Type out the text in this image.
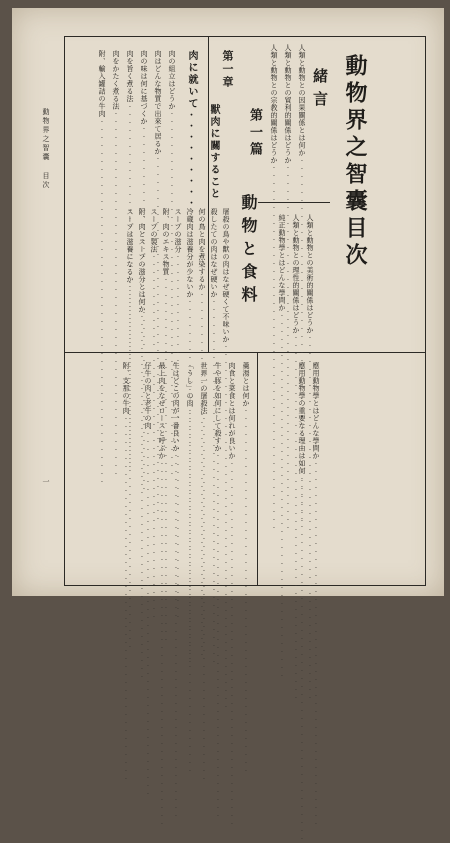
動物界之智囊 目次
一
動物界之智囊目次
緒言
人類と動物との因果關係とは何か ·····
人類と動物との貿利的關係はどうか ·····
人類と動物との宗教的關係はどうか ·····
人類と動物との美術的關係はどうか ·····
人類と動物との理性的關係はどうか ·····
純正動物學とはどんな學問か ·····
第一篇
動物と食料
第一章
獸肉に關すること
屠殺の鳥や獸の肉はなぜ硬くて不味いか ·····
殺したての肉はなぜ硬いか ·····
何の鳥と肉を煮染するか ·····
冷蔵肉は滋養分が少ないか ·····
スープの滋分 ·····
附、肉のエキス物質 ·····
スープの製法 ·····
附、肉とスープの滋分とは何か ·····
スープは滋養になるか ·····
肉に就いて·········
肉の組立はどうか ·····
肉はどんな物質で出來て居るか ·····
肉の味は何に基づくか ·····
肉を旨く煮る法 ·····
肉をかたく煮る法 ·····
附、輸入罐詰の牛肉 ·····
應用動物學とはどんな學問か ·····
應用動物學の重要なる理由は如何 ·····
羹湯とは何か ·····
肉食と菜食とは何れが良いか ·····
牛や豚を如何にして殺すか ·····
世界一の屠殺法 ·····
「うし」の肉 ·····
牛はどこの肉が一番良いか ·····
最上肉をなぜロースと呼ぶか ·····
仔牛の肉と老牛の肉 ·····
附、支那の牛肉 ·····
